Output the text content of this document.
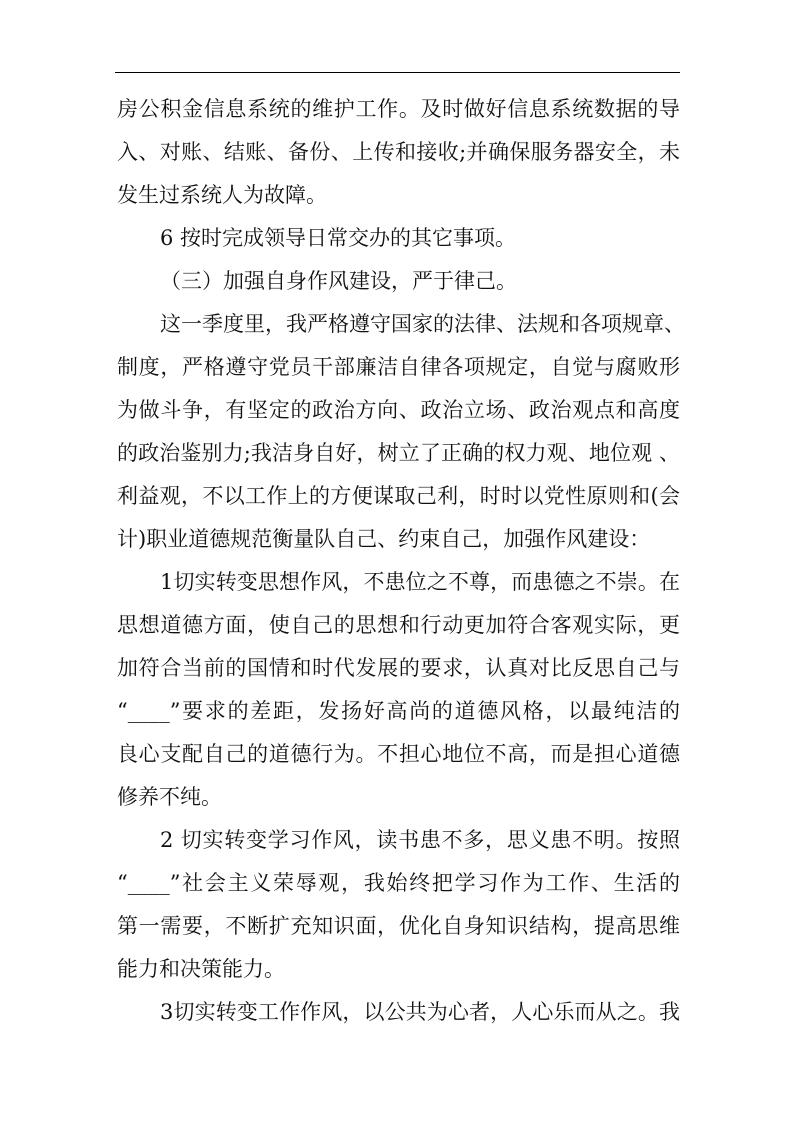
房公积金信息系统的维护工作。及时做好信息系统数据的导
入、对账、结账、备份、上传和接收;并确保服务器安全，未
发生过系统人为故障。
6 按时完成领导日常交办的其它事项。
（三）加强自身作风建设，严于律己。
这一季度里，我严格遵守国家的法律、法规和各项规章、
制度，严格遵守党员干部廉洁自律各项规定，自觉与腐败形
为做斗争，有坚定的政治方向、政治立场、政治观点和高度
的政治鉴别力;我洁身自好，树立了正确的权力观、地位观 、
利益观，不以工作上的方便谋取己利，时时以党性原则和(会
计)职业道德规范衡量队自己、约束自己，加强作风建设：
1切实转变思想作风，不患位之不尊，而患德之不崇。在
思想道德方面，使自己的思想和行动更加符合客观实际，更
加符合当前的国情和时代发展的要求，认真对比反思自己与
“____”要求的差距，发扬好高尚的道德风格，以最纯洁的
良心支配自己的道德行为。不担心地位不高，而是担心道德
修养不纯。
2 切实转变学习作风，读书患不多，思义患不明。按照
“____”社会主义荣辱观，我始终把学习作为工作、生活的
第一需要，不断扩充知识面，优化自身知识结构，提高思维
能力和决策能力。
3切实转变工作作风，以公共为心者，人心乐而从之。我
